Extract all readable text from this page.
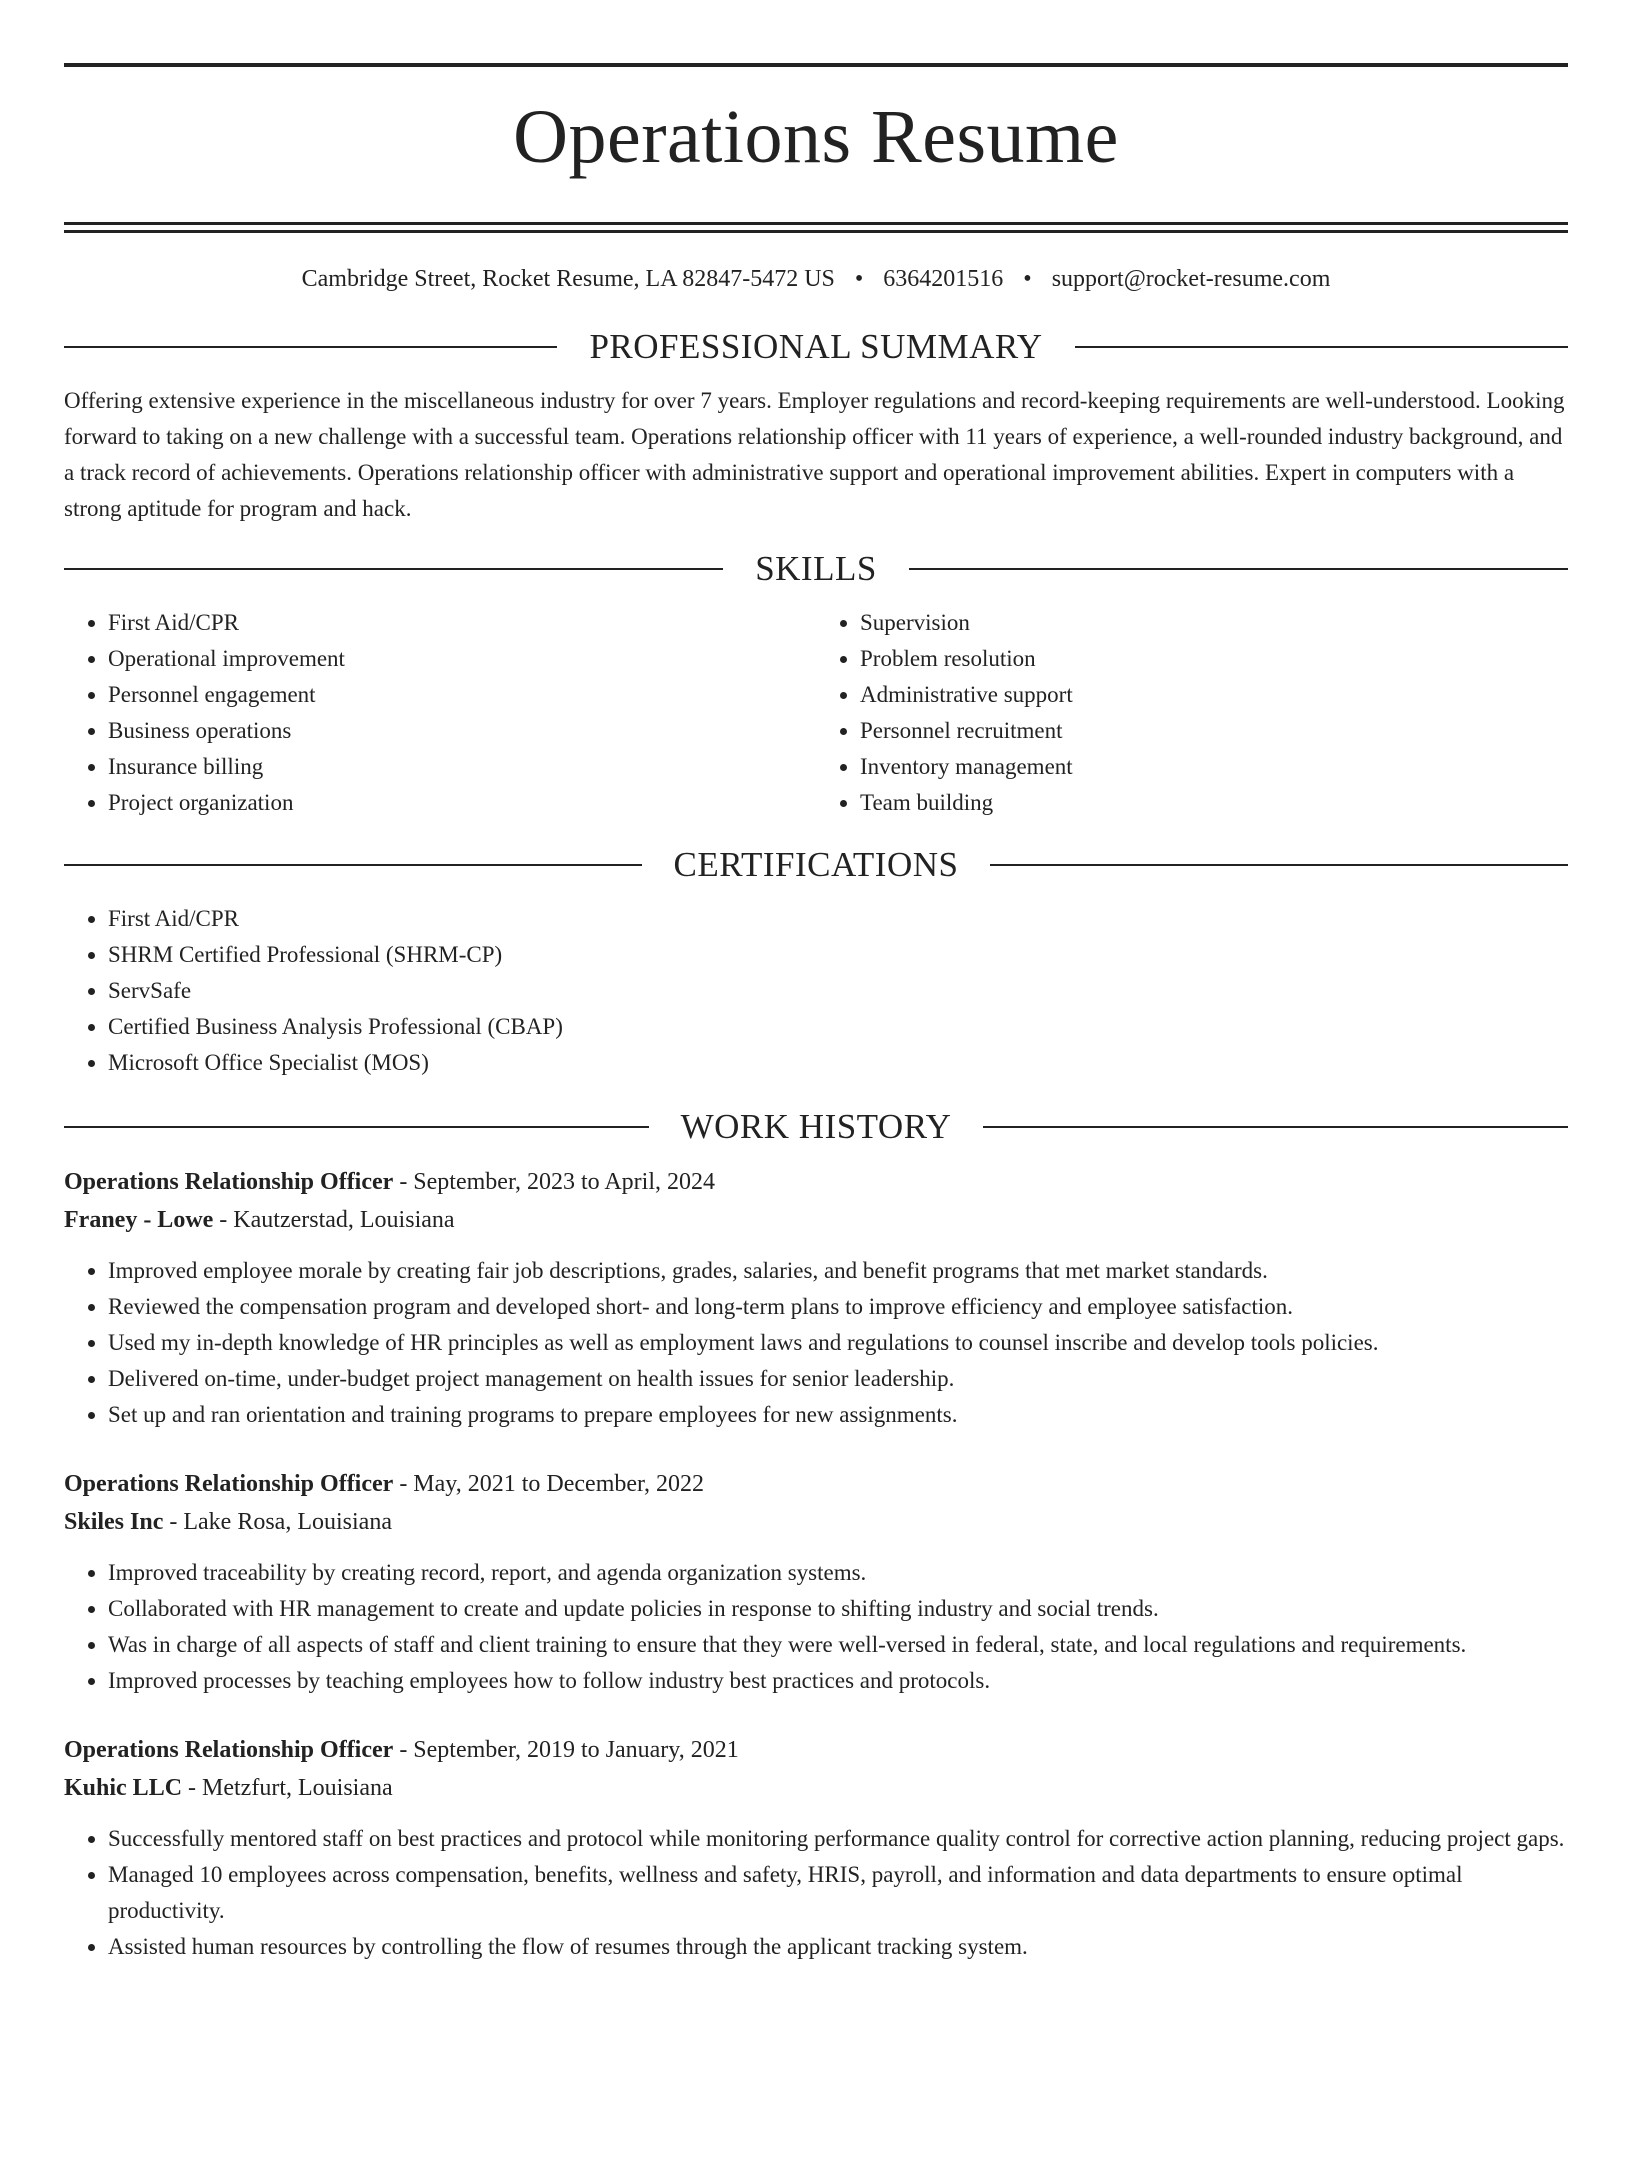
Operations Resume
Cambridge Street, Rocket Resume, LA 82847-5472 US • 6364201516 • support@rocket-resume.com
PROFESSIONAL SUMMARY
Offering extensive experience in the miscellaneous industry for over 7 years. Employer regulations and record-keeping requirements are well-understood. Looking forward to taking on a new challenge with a successful team. Operations relationship officer with 11 years of experience, a well-rounded industry background, and a track record of achievements. Operations relationship officer with administrative support and operational improvement abilities. Expert in computers with a strong aptitude for program and hack.
SKILLS
• First Aid/CPR
• Operational improvement
• Personnel engagement
• Business operations
• Insurance billing
• Project organization
• Supervision
• Problem resolution
• Administrative support
• Personnel recruitment
• Inventory management
• Team building
CERTIFICATIONS
• First Aid/CPR
• SHRM Certified Professional (SHRM-CP)
• ServSafe
• Certified Business Analysis Professional (CBAP)
• Microsoft Office Specialist (MOS)
WORK HISTORY
Operations Relationship Officer - September, 2023 to April, 2024
Franey - Lowe - Kautzerstad, Louisiana
• Improved employee morale by creating fair job descriptions, grades, salaries, and benefit programs that met market standards.
• Reviewed the compensation program and developed short- and long-term plans to improve efficiency and employee satisfaction.
• Used my in-depth knowledge of HR principles as well as employment laws and regulations to counsel inscribe and develop tools policies.
• Delivered on-time, under-budget project management on health issues for senior leadership.
• Set up and ran orientation and training programs to prepare employees for new assignments.
Operations Relationship Officer - May, 2021 to December, 2022
Skiles Inc - Lake Rosa, Louisiana
• Improved traceability by creating record, report, and agenda organization systems.
• Collaborated with HR management to create and update policies in response to shifting industry and social trends.
• Was in charge of all aspects of staff and client training to ensure that they were well-versed in federal, state, and local regulations and requirements.
• Improved processes by teaching employees how to follow industry best practices and protocols.
Operations Relationship Officer - September, 2019 to January, 2021
Kuhic LLC - Metzfurt, Louisiana
• Successfully mentored staff on best practices and protocol while monitoring performance quality control for corrective action planning, reducing project gaps.
• Managed 10 employees across compensation, benefits, wellness and safety, HRIS, payroll, and information and data departments to ensure optimal productivity.
• Assisted human resources by controlling the flow of resumes through the applicant tracking system.
